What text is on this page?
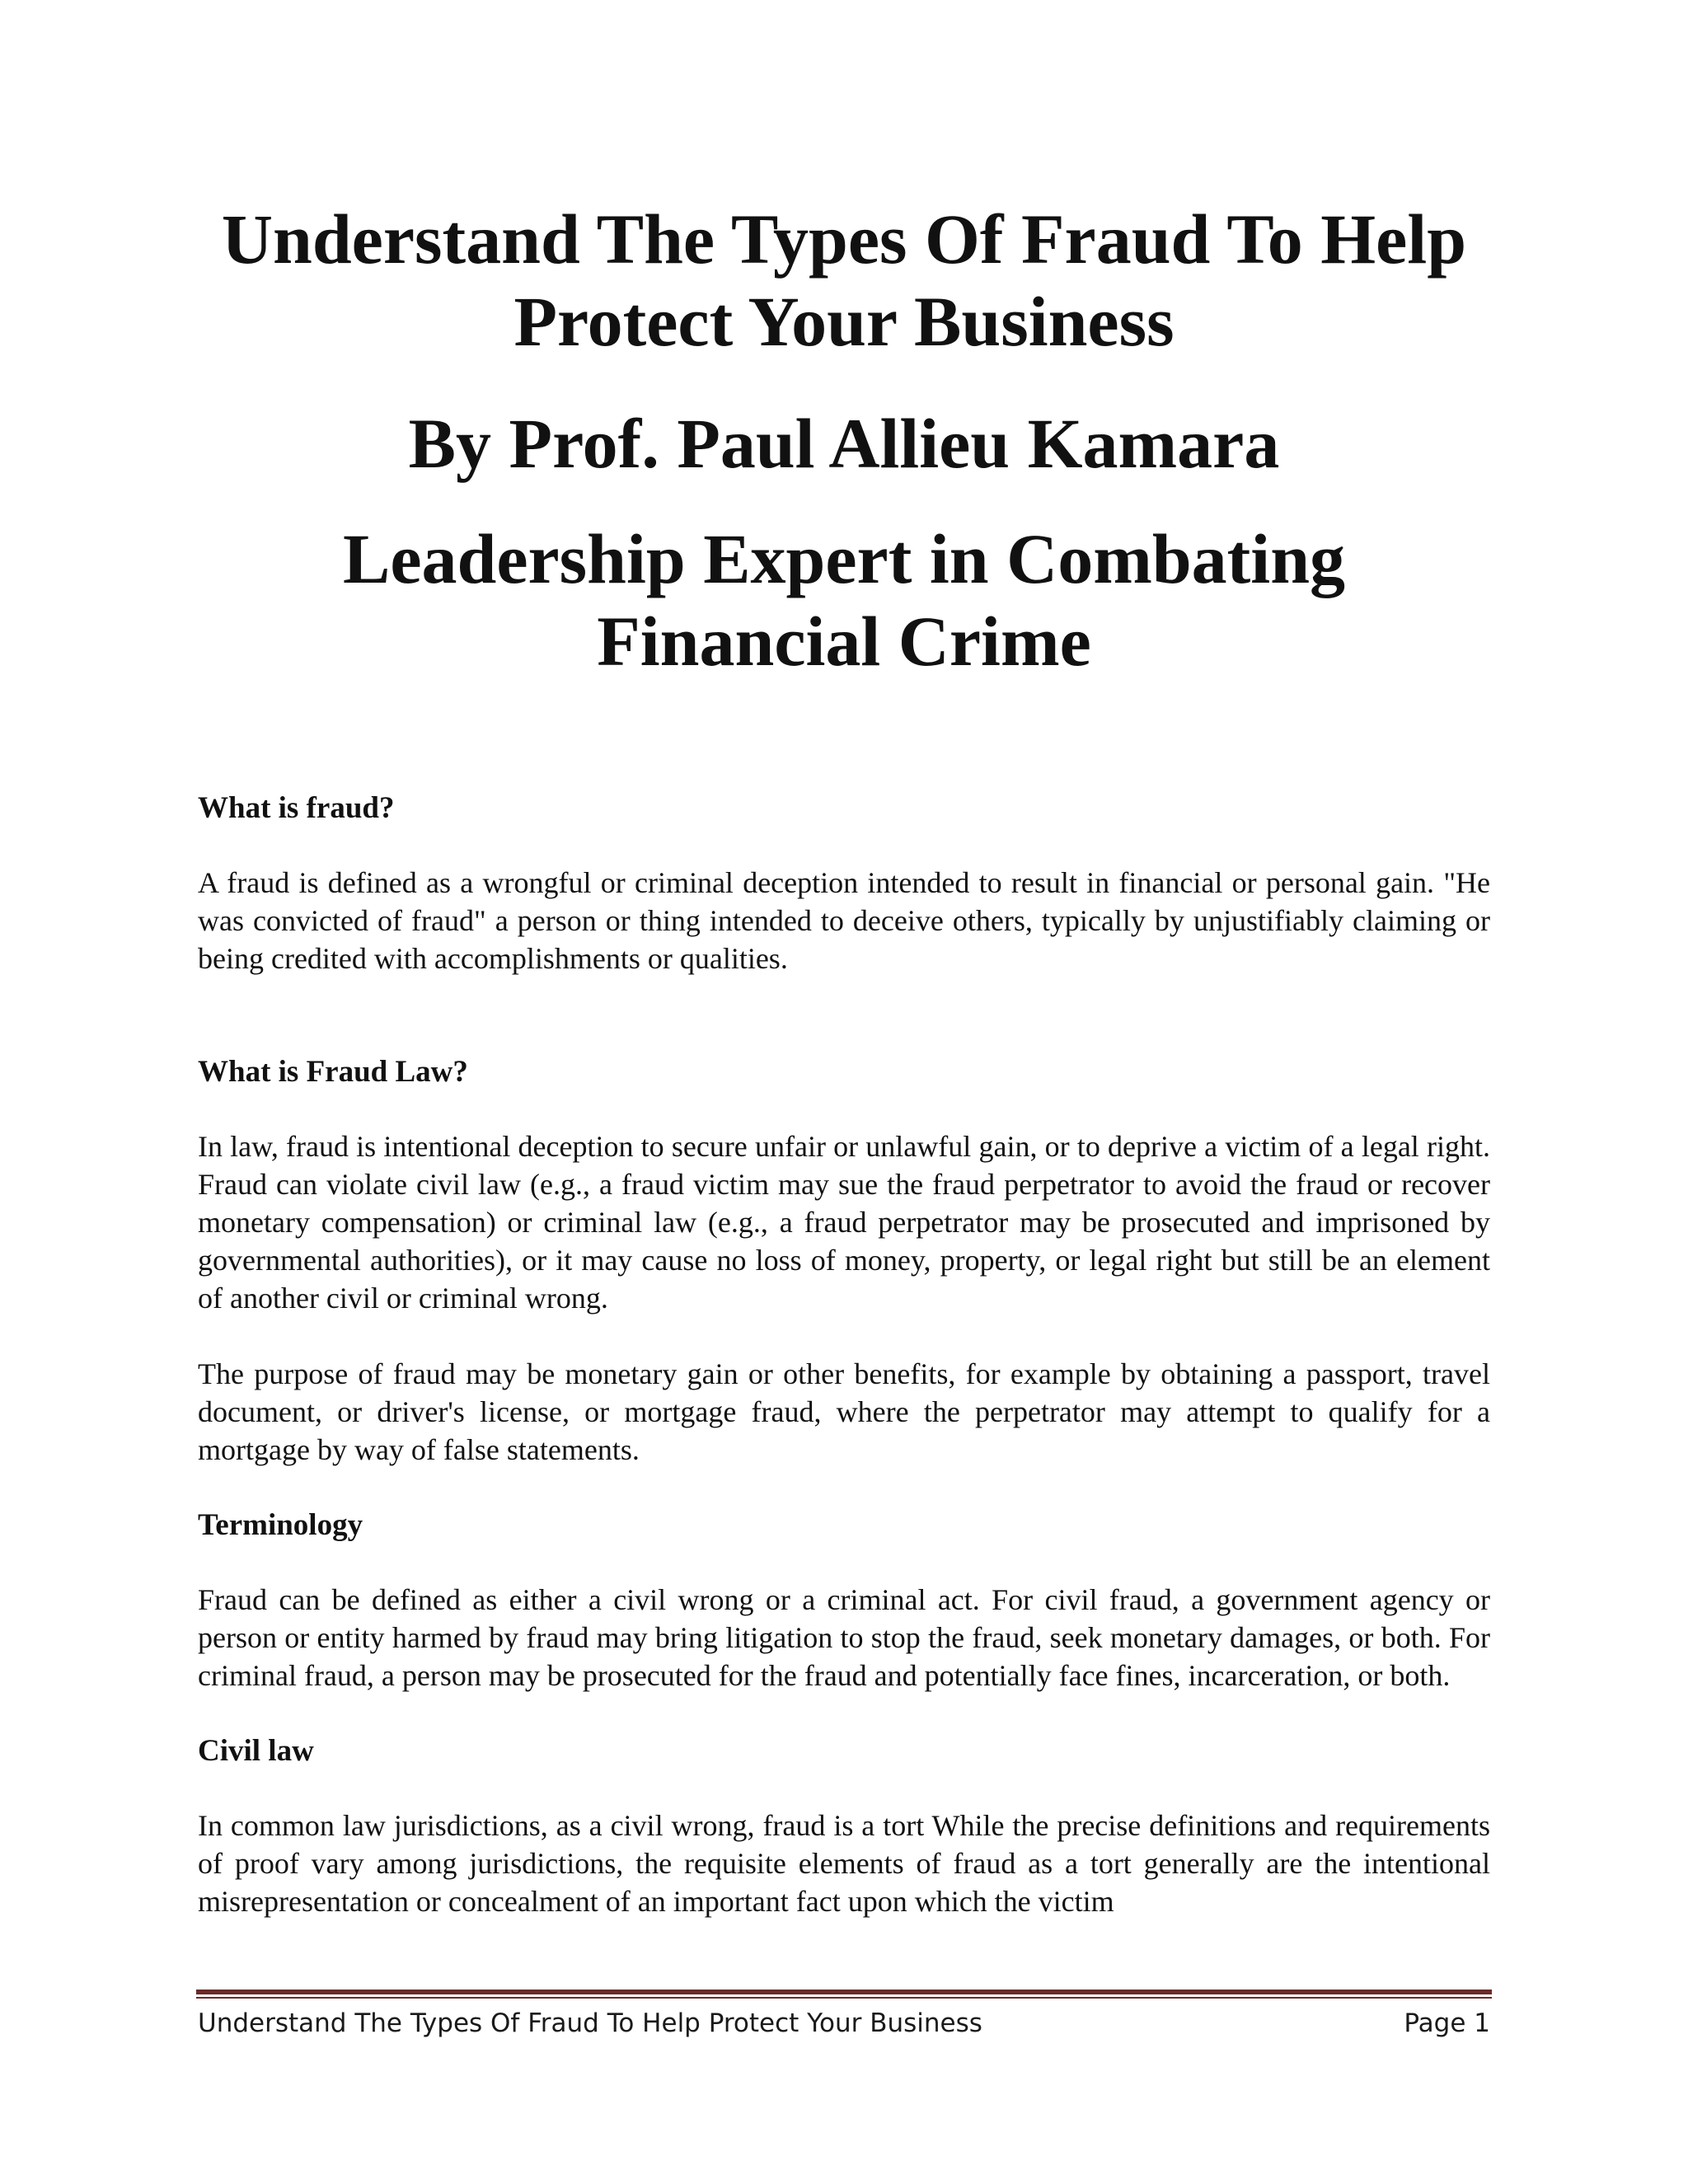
Understand The Types Of Fraud To Help
Protect Your Business
By Prof. Paul Allieu Kamara
Leadership Expert in Combating
Financial Crime
What is fraud?

A fraud is defined as a wrongful or criminal deception intended to result in financial or personal gain. "He was convicted of fraud" a person or thing intended to deceive others, typically by unjustifiably claiming or being credited with accomplishments or qualities.

What is Fraud Law?

In law, fraud is intentional deception to secure unfair or unlawful gain, or to deprive a victim of a legal right. Fraud can violate civil law (e.g., a fraud victim may sue the fraud perpetrator to avoid the fraud or recover monetary compensation) or criminal law (e.g., a fraud perpetrator may be prosecuted and imprisoned by governmental authorities), or it may cause no loss of money, property, or legal right but still be an element of another civil or criminal wrong.

The purpose of fraud may be monetary gain or other benefits, for example by obtaining a passport, travel document, or driver's license, or mortgage fraud, where the perpetrator may attempt to qualify for a mortgage by way of false statements.

Terminology

Fraud can be defined as either a civil wrong or a criminal act. For civil fraud, a government agency or person or entity harmed by fraud may bring litigation to stop the fraud, seek monetary damages, or both. For criminal fraud, a person may be prosecuted for the fraud and potentially face fines, incarceration, or both.

Civil law

In common law jurisdictions, as a civil wrong, fraud is a tort While the precise definitions and requirements of proof vary among jurisdictions, the requisite elements of fraud as a tort generally are the intentional misrepresentation or concealment of an important fact upon which the victim

Understand The Types Of Fraud To Help Protect Your Business	Page 1
